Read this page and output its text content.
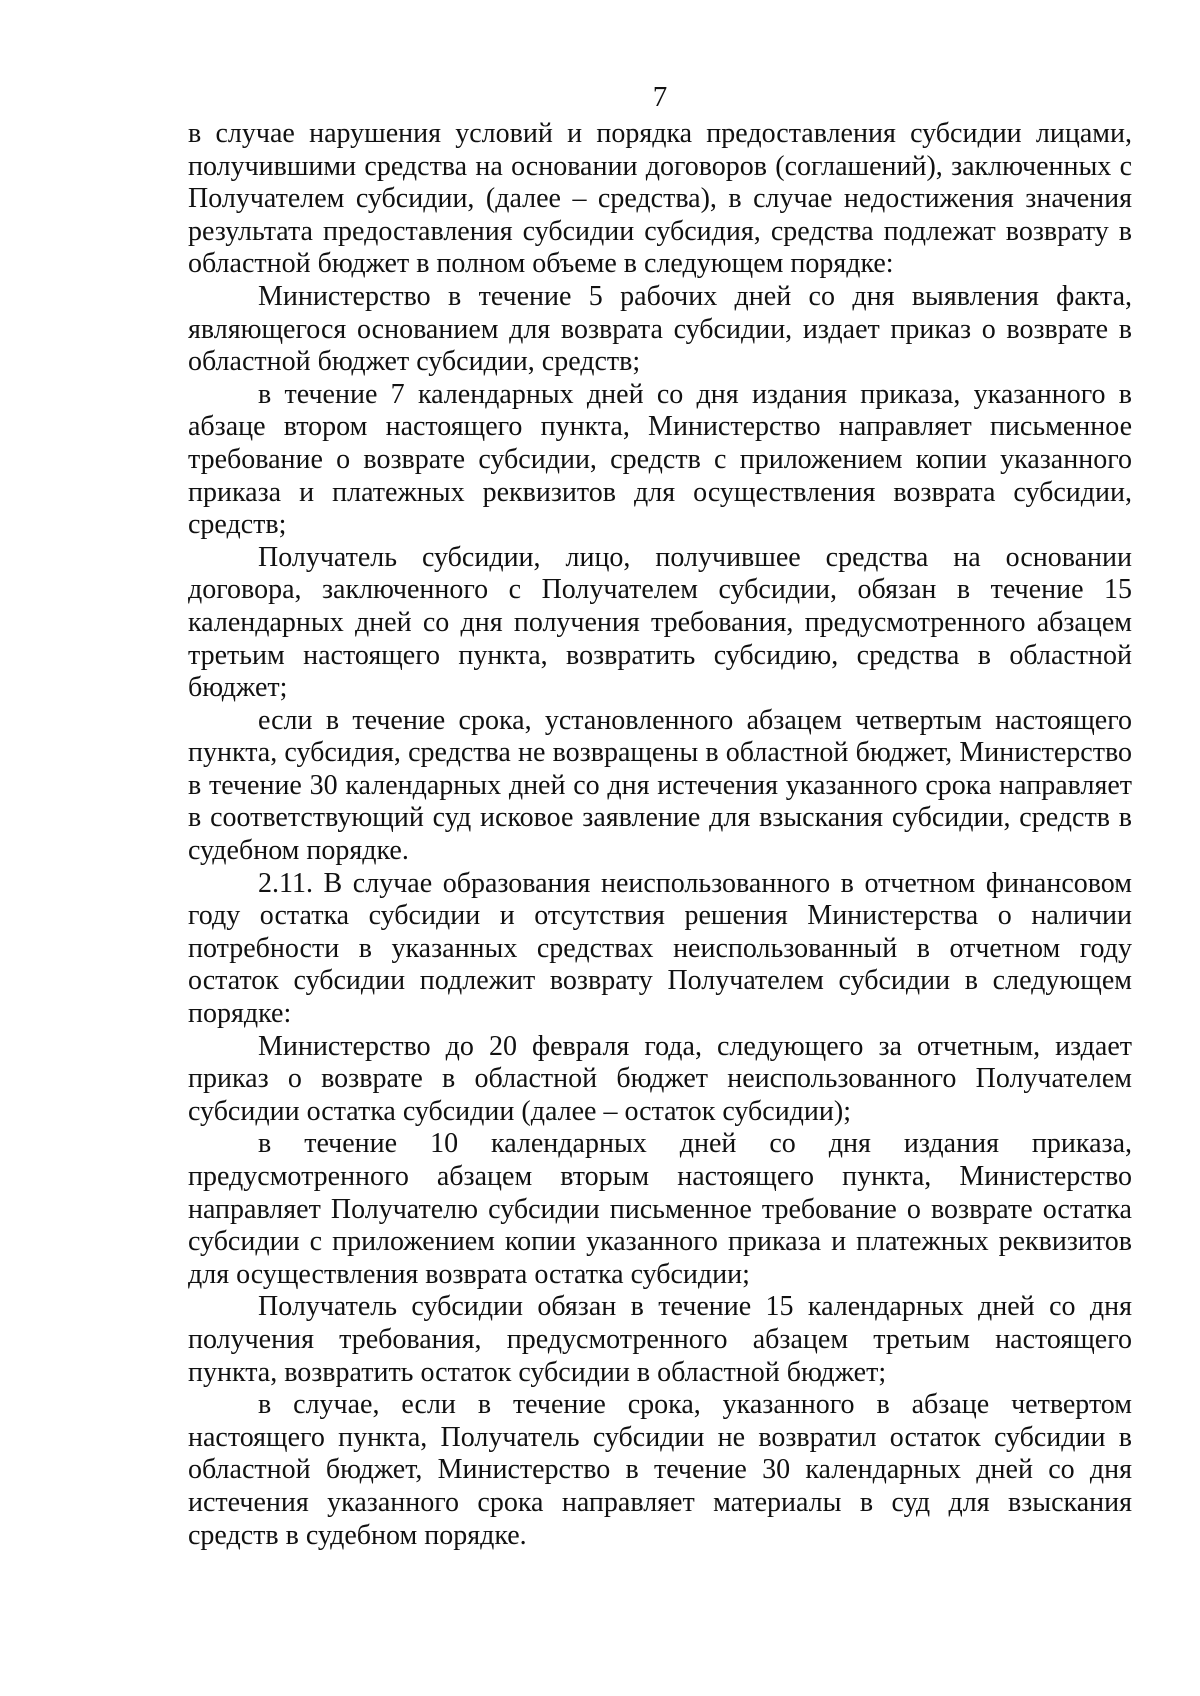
7

в случае нарушения условий и порядка предоставления субсидии лицами, получившими средства на основании договоров (соглашений), заключенных с Получателем субсидии, (далее – средства), в случае недостижения значения результата предоставления субсидии субсидия, средства подлежат возврату в областной бюджет в полном объеме в следующем порядке:

Министерство в течение 5 рабочих дней со дня выявления факта, являющегося основанием для возврата субсидии, издает приказ о возврате в областной бюджет субсидии, средств;

в течение 7 календарных дней со дня издания приказа, указанного в абзаце втором настоящего пункта, Министерство направляет письменное требование о возврате субсидии, средств с приложением копии указанного приказа и платежных реквизитов для осуществления возврата субсидии, средств;

Получатель субсидии, лицо, получившее средства на основании договора, заключенного с Получателем субсидии, обязан в течение 15 календарных дней со дня получения требования, предусмотренного абзацем третьим настоящего пункта, возвратить субсидию, средства в областной бюджет;

если в течение срока, установленного абзацем четвертым настоящего пункта, субсидия, средства не возвращены в областной бюджет, Министерство в течение 30 календарных дней со дня истечения указанного срока направляет в соответствующий суд исковое заявление для взыскания субсидии, средств в судебном порядке.

2.11. В случае образования неиспользованного в отчетном финансовом году остатка субсидии и отсутствия решения Министерства о наличии потребности в указанных средствах неиспользованный в отчетном году остаток субсидии подлежит возврату Получателем субсидии в следующем порядке:

Министерство до 20 февраля года, следующего за отчетным, издает приказ о возврате в областной бюджет неиспользованного Получателем субсидии остатка субсидии (далее – остаток субсидии);

в течение 10 календарных дней со дня издания приказа, предусмотренного абзацем вторым настоящего пункта, Министерство направляет Получателю субсидии письменное требование о возврате остатка субсидии с приложением копии указанного приказа и платежных реквизитов для осуществления возврата остатка субсидии;

Получатель субсидии обязан в течение 15 календарных дней со дня получения требования, предусмотренного абзацем третьим настоящего пункта, возвратить остаток субсидии в областной бюджет;

в случае, если в течение срока, указанного в абзаце четвертом настоящего пункта, Получатель субсидии не возвратил остаток субсидии в областной бюджет, Министерство в течение 30 календарных дней со дня истечения указанного срока направляет материалы в суд для взыскания средств в судебном порядке.
